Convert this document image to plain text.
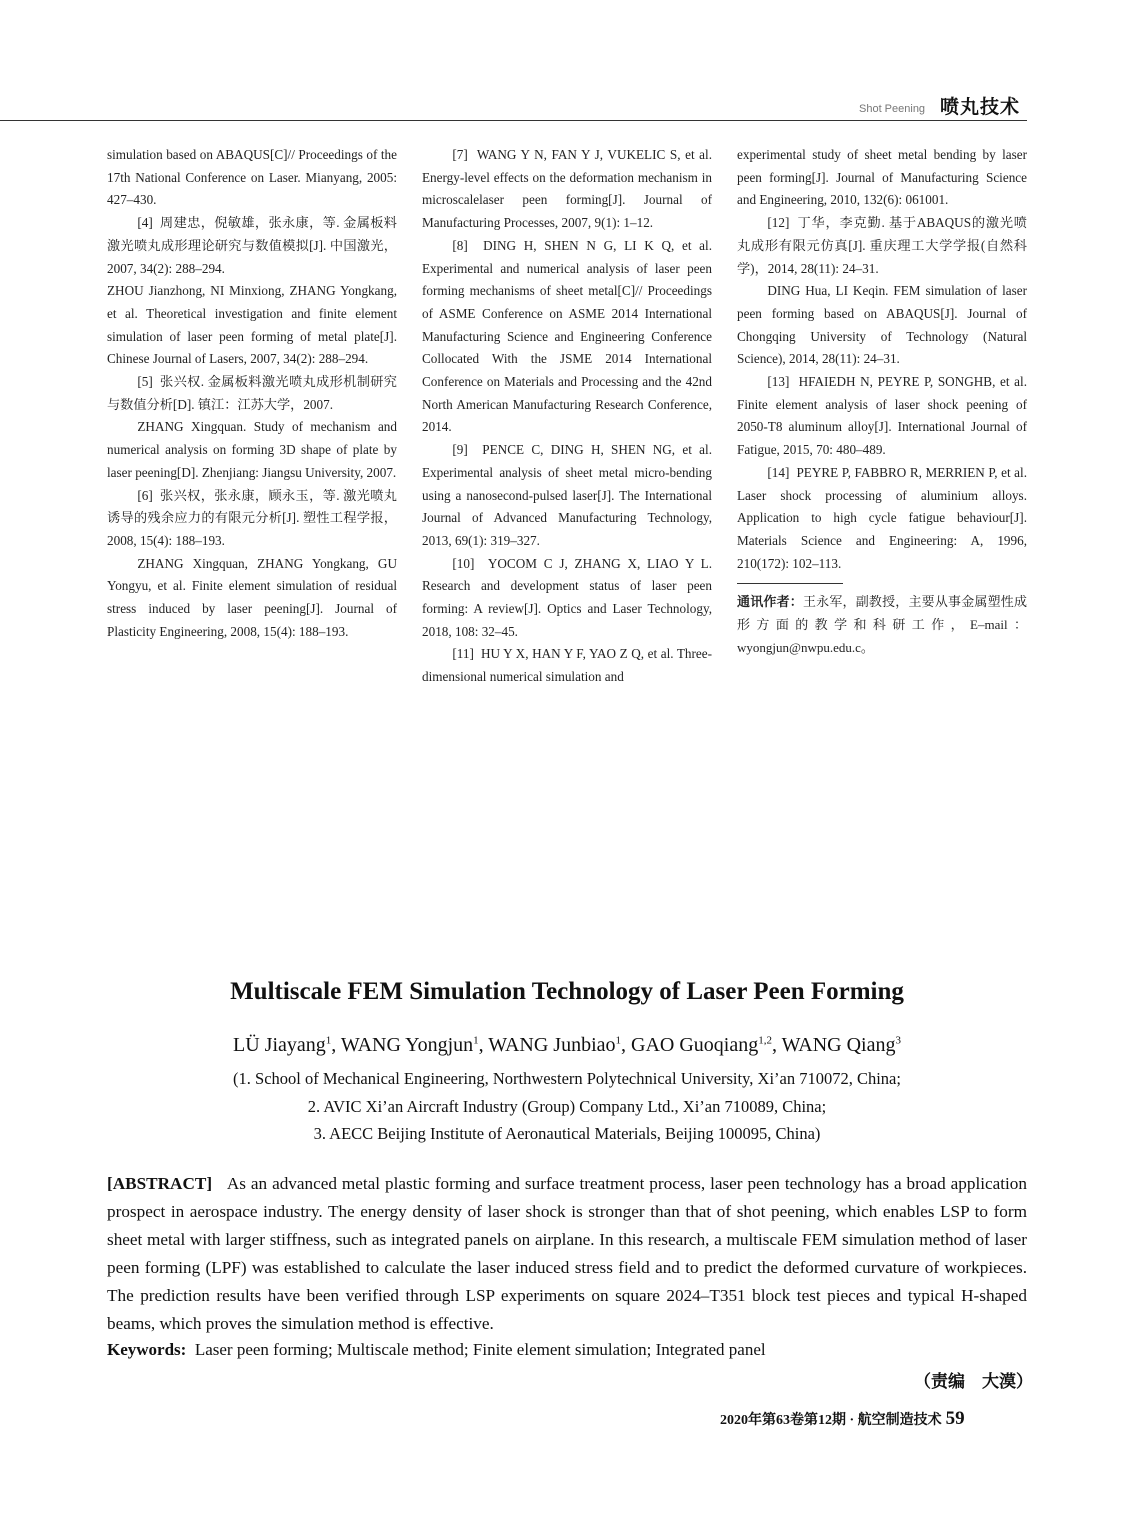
Shot Peening 喷丸技术

simulation based on ABAQUS[C]// Proceedings of the 17th National Conference on Laser. Mianyang, 2005: 427–430.

[4]  周建忠，倪敏雄，张永康，等. 金属板料激光喷丸成形理论研究与数值模拟[J]. 中国激光，2007, 34(2): 288–294.

ZHOU Jianzhong, NI Minxiong, ZHANG Yongkang, et al. Theoretical investigation and finite element simulation of laser peen forming of metal plate[J]. Chinese Journal of Lasers, 2007, 34(2): 288–294.

[5]  张兴权. 金属板料激光喷丸成形机制研究与数值分析[D]. 镇江：江苏大学，2007.

ZHANG Xingquan. Study of mechanism and numerical analysis on forming 3D shape of plate by laser peening[D]. Zhenjiang: Jiangsu University, 2007.

[6]  张兴权，张永康，顾永玉，等. 激光喷丸诱导的残余应力的有限元分析[J]. 塑性工程学报，2008, 15(4): 188–193.

ZHANG Xingquan, ZHANG Yongkang, GU Yongyu, et al. Finite element simulation of residual stress induced by laser peening[J]. Journal of Plasticity Engineering, 2008, 15(4): 188–193.

[7]  WANG Y N, FAN Y J, VUKELIC S, et al. Energy-level effects on the deformation mechanism in microscalelaser peen forming[J]. Journal of Manufacturing Processes, 2007, 9(1): 1–12.

[8]  DING H, SHEN N G, LI K Q, et al. Experimental and numerical analysis of laser peen forming mechanisms of sheet metal[C]// Proceedings of ASME Conference on ASME 2014 International Manufacturing Science and Engineering Conference Collocated With the JSME 2014 International Conference on Materials and Processing and the 42nd North American Manufacturing Research Conference, 2014.

[9]  PENCE C, DING H, SHEN NG, et al. Experimental analysis of sheet metal micro-bending using a nanosecond-pulsed laser[J]. The International Journal of Advanced Manufacturing Technology, 2013, 69(1): 319–327.

[10]  YOCOM C J, ZHANG X, LIAO Y L. Research and development status of laser peen forming: A review[J]. Optics and Laser Technology, 2018, 108: 32–45.

[11]  HU Y X, HAN Y F, YAO Z Q, et al. Three-dimensional numerical simulation and

experimental study of sheet metal bending by laser peen forming[J]. Journal of Manufacturing Science and Engineering, 2010, 132(6): 061001.

[12]  丁华，李克勤. 基于ABAQUS的激光喷丸成形有限元仿真[J]. 重庆理工大学学报(自然科学)，2014, 28(11): 24–31.

DING Hua, LI Keqin. FEM simulation of laser peen forming based on ABAQUS[J]. Journal of Chongqing University of Technology (Natural Science), 2014, 28(11): 24–31.

[13]  HFAIEDH N, PEYRE P, SONGHB, et al. Finite element analysis of laser shock peening of 2050-T8 aluminum alloy[J]. International Journal of Fatigue, 2015, 70: 480–489.

[14]  PEYRE P, FABBRO R, MERRIEN P, et al. Laser shock processing of aluminium alloys. Application to high cycle fatigue behaviour[J]. Materials Science and Engineering: A, 1996, 210(172): 102–113.

通讯作者：王永军，副教授，主要从事金属塑性成形方面的教学和科研工作，E–mail：wyongjun@nwpu.edu.c。

Multiscale FEM Simulation Technology of Laser Peen Forming
LÜ Jiayang$^1$, WANG Yongjun$^1$, WANG Junbiao$^1$, GAO Guoqiang$^{1,2}$, WANG Qiang$^3$
(1. School of Mechanical Engineering, Northwestern Polytechnical University, Xi’an 710072, China;
2. AVIC Xi’an Aircraft Industry (Group) Company Ltd., Xi’an 710089, China;
3. AECC Beijing Institute of Aeronautical Materials, Beijing 100095, China)

[ABSTRACT] As an advanced metal plastic forming and surface treatment process, laser peen technology has a broad application prospect in aerospace industry. The energy density of laser shock is stronger than that of shot peening, which enables LSP to form sheet metal with larger stiffness, such as integrated panels on airplane. In this research, a multiscale FEM simulation method of laser peen forming (LPF) was established to calculate the laser induced stress field and to predict the deformed curvature of workpieces. The prediction results have been verified through LSP experiments on square 2024–T351 block test pieces and typical H-shaped beams, which proves the simulation method is effective.

Keywords: Laser peen forming; Multiscale method; Finite element simulation; Integrated panel
（责编　大漠）
2020年第63卷第12期 · 航空制造技术 59
